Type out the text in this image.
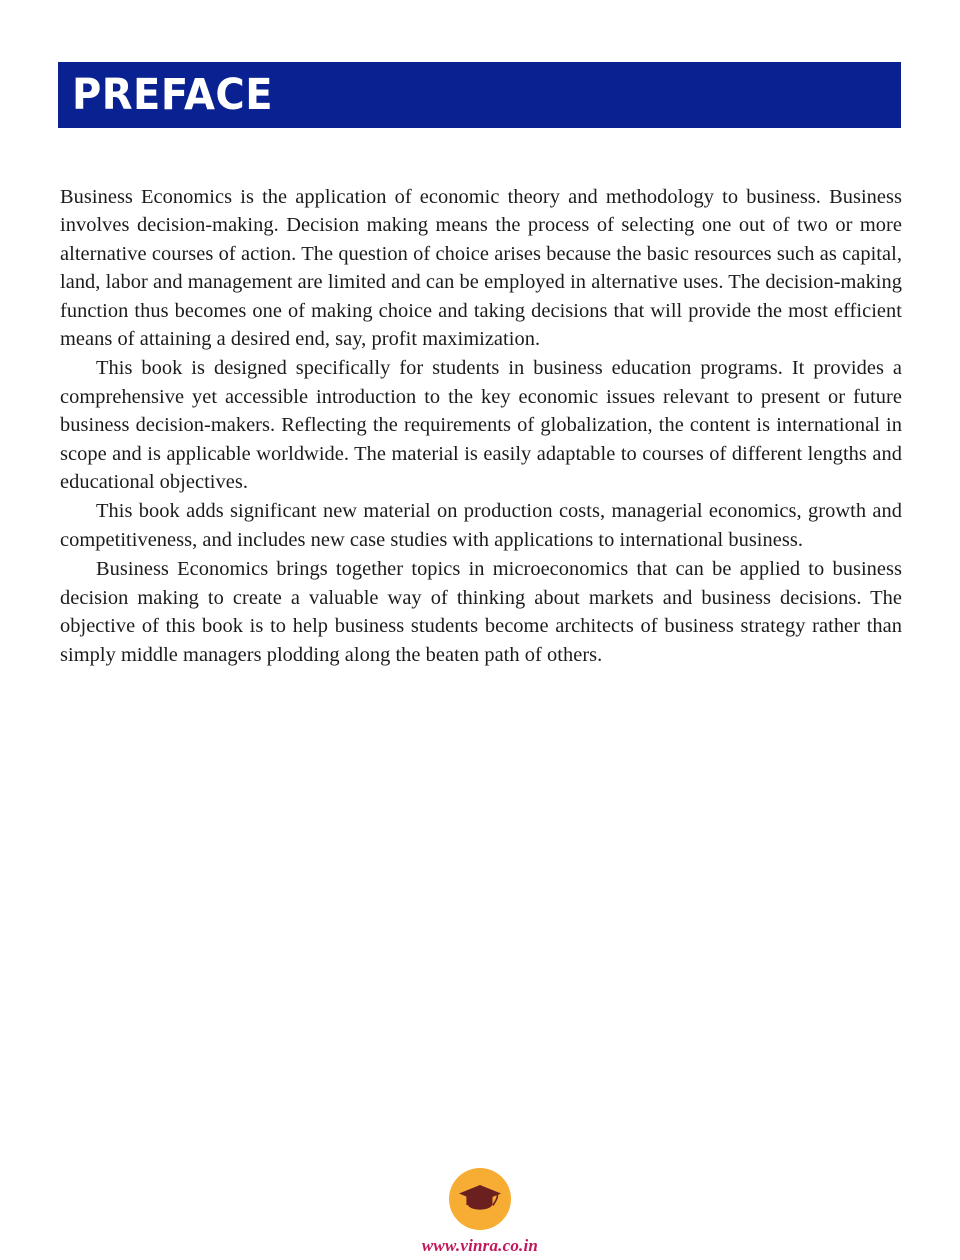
PREFACE

Business Economics is the application of economic theory and methodology to business. Business involves decision-making. Decision making means the process of selecting one out of two or more alternative courses of action. The question of choice arises because the basic resources such as capital, land, labor and management are limited and can be employed in alternative uses. The decision-making function thus becomes one of making choice and taking decisions that will provide the most efficient means of attaining a desired end, say, profit maximization.

This book is designed specifically for students in business education programs. It provides a comprehensive yet accessible introduction to the key economic issues relevant to present or future business decision-makers. Reflecting the requirements of globalization, the content is international in scope and is applicable worldwide. The material is easily adaptable to courses of different lengths and educational objectives.

This book adds significant new material on production costs, managerial economics, growth and competitiveness, and includes new case studies with applications to international business.

Business Economics brings together topics in microeconomics that can be applied to business decision making to create a valuable way of thinking about markets and business decisions. The objective of this book is to help business students become architects of business strategy rather than simply middle managers plodding along the beaten path of others.

www.vinra.co.in
